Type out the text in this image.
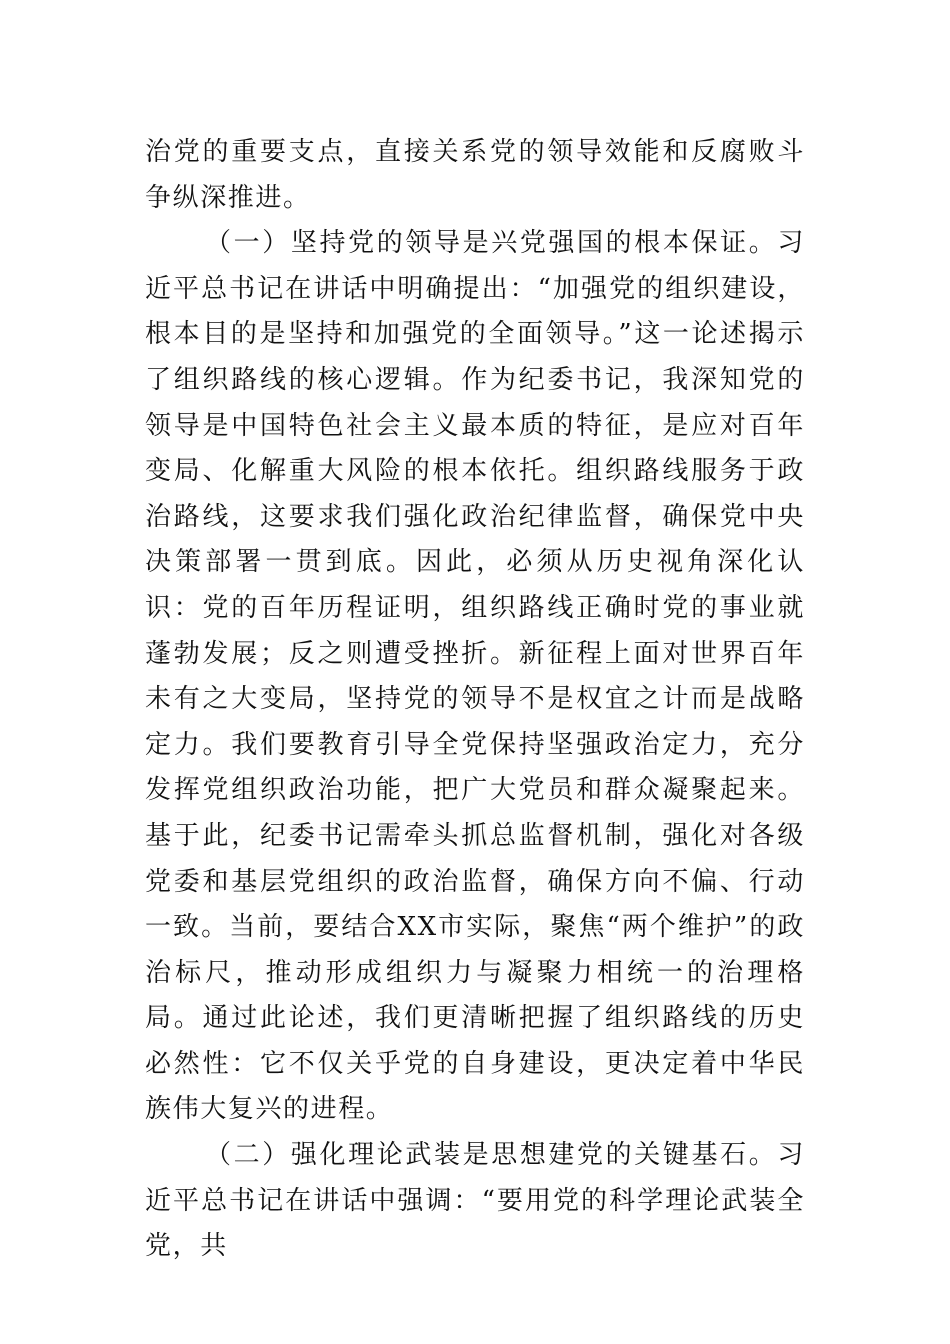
治党的重要支点，直接关系党的领导效能和反腐败斗争纵深推进。

（一）坚持党的领导是兴党强国的根本保证。习近平总书记在讲话中明确提出：“加强党的组织建设，根本目的是坚持和加强党的全面领导。”这一论述揭示了组织路线的核心逻辑。作为纪委书记，我深知党的领导是中国特色社会主义最本质的特征，是应对百年变局、化解重大风险的根本依托。组织路线服务于政治路线，这要求我们强化政治纪律监督，确保党中央决策部署一贯到底。因此，必须从历史视角深化认识：党的百年历程证明，组织路线正确时党的事业就蓬勃发展；反之则遭受挫折。新征程上面对世界百年未有之大变局，坚持党的领导不是权宜之计而是战略定力。我们要教育引导全党保持坚强政治定力，充分发挥党组织政治功能，把广大党员和群众凝聚起来。基于此，纪委书记需牵头抓总监督机制，强化对各级党委和基层党组织的政治监督，确保方向不偏、行动一致。当前，要结合XX市实际，聚焦“两个维护”的政治标尺，推动形成组织力与凝聚力相统一的治理格局。通过此论述，我们更清晰把握了组织路线的历史必然性：它不仅关乎党的自身建设，更决定着中华民族伟大复兴的进程。

（二）强化理论武装是思想建党的关键基石。习近平总书记在讲话中强调：“要用党的科学理论武装全党，共
